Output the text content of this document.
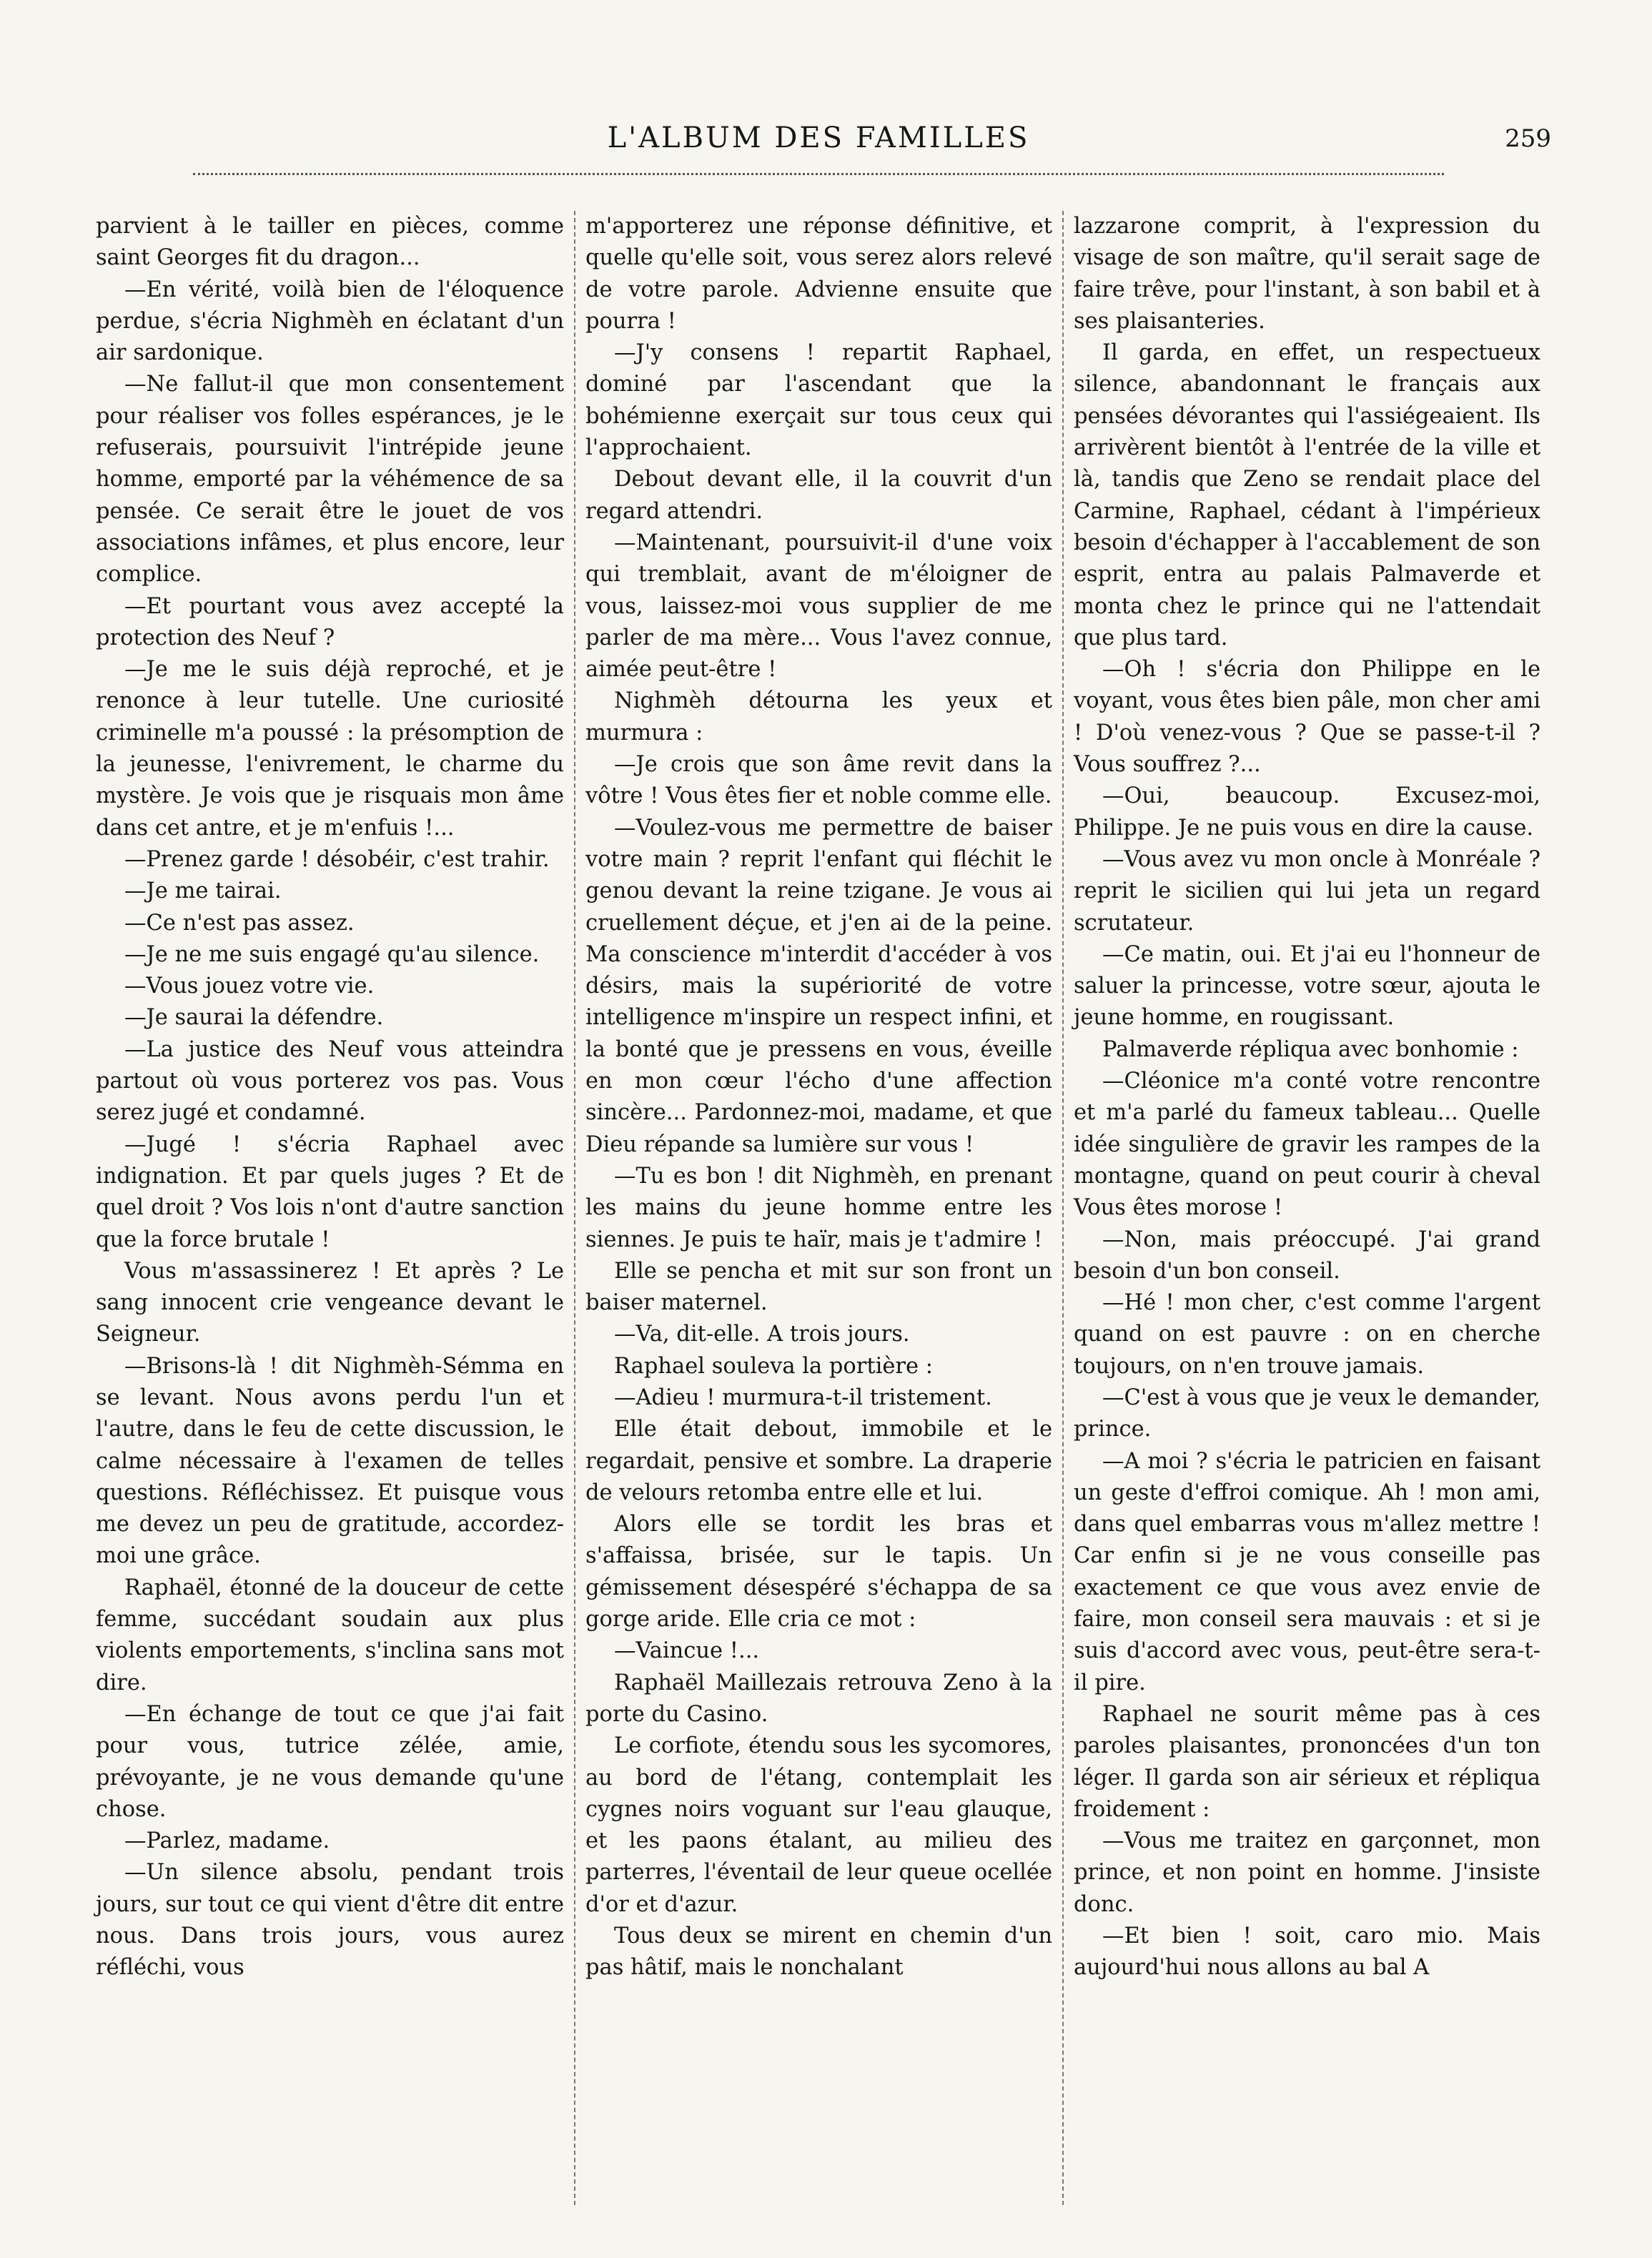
L'ALBUM DES FAMILLES	259

parvient à le tailler en pièces, comme saint Georges fit du dragon...

—En vérité, voilà bien de l'éloquence perdue, s'écria Nighmèh en éclatant d'un air sardonique.

—Ne fallut-il que mon consentement pour réaliser vos folles espérances, je le refuserais, poursuivit l'intrépide jeune homme, emporté par la véhémence de sa pensée. Ce serait être le jouet de vos associations infâmes, et plus encore, leur complice.

—Et pourtant vous avez accepté la protection des Neuf ?

—Je me le suis déjà reproché, et je renonce à leur tutelle. Une curiosité criminelle m'a poussé : la présomption de la jeunesse, l'enivrement, le charme du mystère. Je vois que je risquais mon âme dans cet antre, et je m'enfuis !...

—Prenez garde ! désobéir, c'est trahir.

—Je me tairai.

—Ce n'est pas assez.

—Je ne me suis engagé qu'au silence.

—Vous jouez votre vie.

—Je saurai la défendre.

—La justice des Neuf vous atteindra partout où vous porterez vos pas. Vous serez jugé et condamné.

—Jugé ! s'écria Raphael avec indignation. Et par quels juges ? Et de quel droit ? Vos lois n'ont d'autre sanction que la force brutale !

Vous m'assassinerez ! Et après ? Le sang innocent crie vengeance devant le Seigneur.

—Brisons-là ! dit Nighmèh-Sémma en se levant. Nous avons perdu l'un et l'autre, dans le feu de cette discussion, le calme nécessaire à l'examen de telles questions. Réfléchissez. Et puisque vous me devez un peu de gratitude, accordez-moi une grâce.

Raphaël, étonné de la douceur de cette femme, succédant soudain aux plus violents emportements, s'inclina sans mot dire.

—En échange de tout ce que j'ai fait pour vous, tutrice zélée, amie, prévoyante, je ne vous demande qu'une chose.

—Parlez, madame.

—Un silence absolu, pendant trois jours, sur tout ce qui vient d'être dit entre nous. Dans trois jours, vous aurez réfléchi, vous

m'apporterez une réponse définitive, et quelle qu'elle soit, vous serez alors relevé de votre parole. Advienne ensuite que pourra !

—J'y consens ! repartit Raphael, dominé par l'ascendant que la bohémienne exerçait sur tous ceux qui l'approchaient.

Debout devant elle, il la couvrit d'un regard attendri.

—Maintenant, poursuivit-il d'une voix qui tremblait, avant de m'éloigner de vous, laissez-moi vous supplier de me parler de ma mère... Vous l'avez connue, aimée peut-être !

Nighmèh détourna les yeux et murmura :

—Je crois que son âme revit dans la vôtre ! Vous êtes fier et noble comme elle.

—Voulez-vous me permettre de baiser votre main ? reprit l'enfant qui fléchit le genou devant la reine tzigane. Je vous ai cruellement déçue, et j'en ai de la peine. Ma conscience m'interdit d'accéder à vos désirs, mais la supériorité de votre intelligence m'inspire un respect infini, et la bonté que je pressens en vous, éveille en mon cœur l'écho d'une affection sincère... Pardonnez-moi, madame, et que Dieu répande sa lumière sur vous !

—Tu es bon ! dit Nighmèh, en prenant les mains du jeune homme entre les siennes. Je puis te haïr, mais je t'admire !

Elle se pencha et mit sur son front un baiser maternel.

—Va, dit-elle. A trois jours.

Raphael souleva la portière :

—Adieu ! murmura-t-il tristement.

Elle était debout, immobile et le regardait, pensive et sombre. La draperie de velours retomba entre elle et lui.

Alors elle se tordit les bras et s'affaissa, brisée, sur le tapis. Un gémissement désespéré s'échappa de sa gorge aride. Elle cria ce mot :

—Vaincue !...

Raphaël Maillezais retrouva Zeno à la porte du Casino.

Le corfiote, étendu sous les sycomores, au bord de l'étang, contemplait les cygnes noirs voguant sur l'eau glauque, et les paons étalant, au milieu des parterres, l'éventail de leur queue ocellée d'or et d'azur.

Tous deux se mirent en chemin d'un pas hâtif, mais le nonchalant

lazzarone comprit, à l'expression du visage de son maître, qu'il serait sage de faire trêve, pour l'instant, à son babil et à ses plaisanteries.

Il garda, en effet, un respectueux silence, abandonnant le français aux pensées dévorantes qui l'assiégeaient. Ils arrivèrent bientôt à l'entrée de la ville et là, tandis que Zeno se rendait place del Carmine, Raphael, cédant à l'impérieux besoin d'échapper à l'accablement de son esprit, entra au palais Palmaverde et monta chez le prince qui ne l'attendait que plus tard.

—Oh ! s'écria don Philippe en le voyant, vous êtes bien pâle, mon cher ami ! D'où venez-vous ? Que se passe-t-il ? Vous souffrez ?...

—Oui, beaucoup. Excusez-moi, Philippe. Je ne puis vous en dire la cause.

—Vous avez vu mon oncle à Monréale ? reprit le sicilien qui lui jeta un regard scrutateur.

—Ce matin, oui. Et j'ai eu l'honneur de saluer la princesse, votre sœur, ajouta le jeune homme, en rougissant.

Palmaverde répliqua avec bonhomie :

—Cléonice m'a conté votre rencontre et m'a parlé du fameux tableau... Quelle idée singulière de gravir les rampes de la montagne, quand on peut courir à cheval Vous êtes morose !

—Non, mais préoccupé. J'ai grand besoin d'un bon conseil.

—Hé ! mon cher, c'est comme l'argent quand on est pauvre : on en cherche toujours, on n'en trouve jamais.

—C'est à vous que je veux le demander, prince.

—A moi ? s'écria le patricien en faisant un geste d'effroi comique. Ah ! mon ami, dans quel embarras vous m'allez mettre ! Car enfin si je ne vous conseille pas exactement ce que vous avez envie de faire, mon conseil sera mauvais : et si je suis d'accord avec vous, peut-être sera-t-il pire.

Raphael ne sourit même pas à ces paroles plaisantes, prononcées d'un ton léger. Il garda son air sérieux et répliqua froidement :

—Vous me traitez en garçonnet, mon prince, et non point en homme. J'insiste donc.

—Et bien ! soit, caro mio. Mais aujourd'hui nous allons au bal A
